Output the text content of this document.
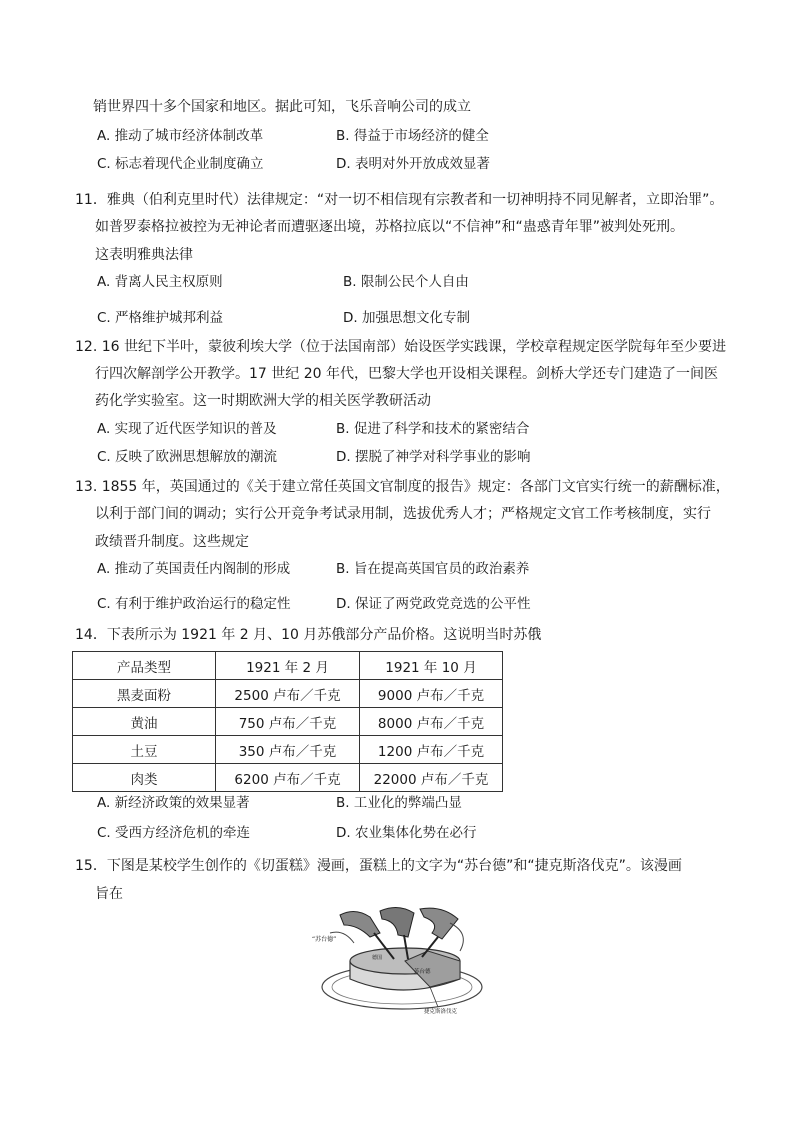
销世界四十多个国家和地区。据此可知，飞乐音响公司的成立
A. 推动了城市经济体制改革	B. 得益于市场经济的健全
C. 标志着现代企业制度确立	D. 表明对外开放成效显著
11．雅典（伯利克里时代）法律规定：“对一切不相信现有宗教者和一切神明持不同见解者，立即治罪”。
如普罗泰格拉被控为无神论者而遭驱逐出境，苏格拉底以“不信神”和“蛊惑青年罪”被判处死刑。
这表明雅典法律
A. 背离人民主权原则	B. 限制公民个人自由
C. 严格维护城邦利益	D. 加强思想文化专制
12. 16 世纪下半叶，蒙彼利埃大学（位于法国南部）始设医学实践课，学校章程规定医学院每年至少要进
行四次解剖学公开教学。17 世纪 20 年代，巴黎大学也开设相关课程。剑桥大学还专门建造了一间医
药化学实验室。这一时期欧洲大学的相关医学教研活动
A. 实现了近代医学知识的普及	B. 促进了科学和技术的紧密结合
C. 反映了欧洲思想解放的潮流	D. 摆脱了神学对科学事业的影响
13. 1855 年，英国通过的《关于建立常任英国文官制度的报告》规定：各部门文官实行统一的薪酬标准，
以利于部门间的调动；实行公开竞争考试录用制，选拔优秀人才；严格规定文官工作考核制度，实行
政绩晋升制度。这些规定
A. 推动了英国责任内阁制的形成	B. 旨在提高英国官员的政治素养
C. 有利于维护政治运行的稳定性	D. 保证了两党政党竞选的公平性
14．下表所示为 1921 年 2 月、10 月苏俄部分产品价格。这说明当时苏俄
产品类型	1921 年 2 月	1921 年 10 月
黑麦面粉	2500 卢布／千克	9000 卢布／千克
黄油	750 卢布／千克	8000 卢布／千克
土豆	350 卢布／千克	1200 卢布／千克
肉类	6200 卢布／千克	22000 卢布／千克
A. 新经济政策的效果显著	B. 工业化的弊端凸显
C. 受西方经济危机的牵连	D. 农业集体化势在必行
15．下图是某校学生创作的《切蛋糕》漫画，蛋糕上的文字为“苏台德”和“捷克斯洛伐克”。该漫画
旨在
“苏台德”
德国
苏台德
捷克斯洛伐克
